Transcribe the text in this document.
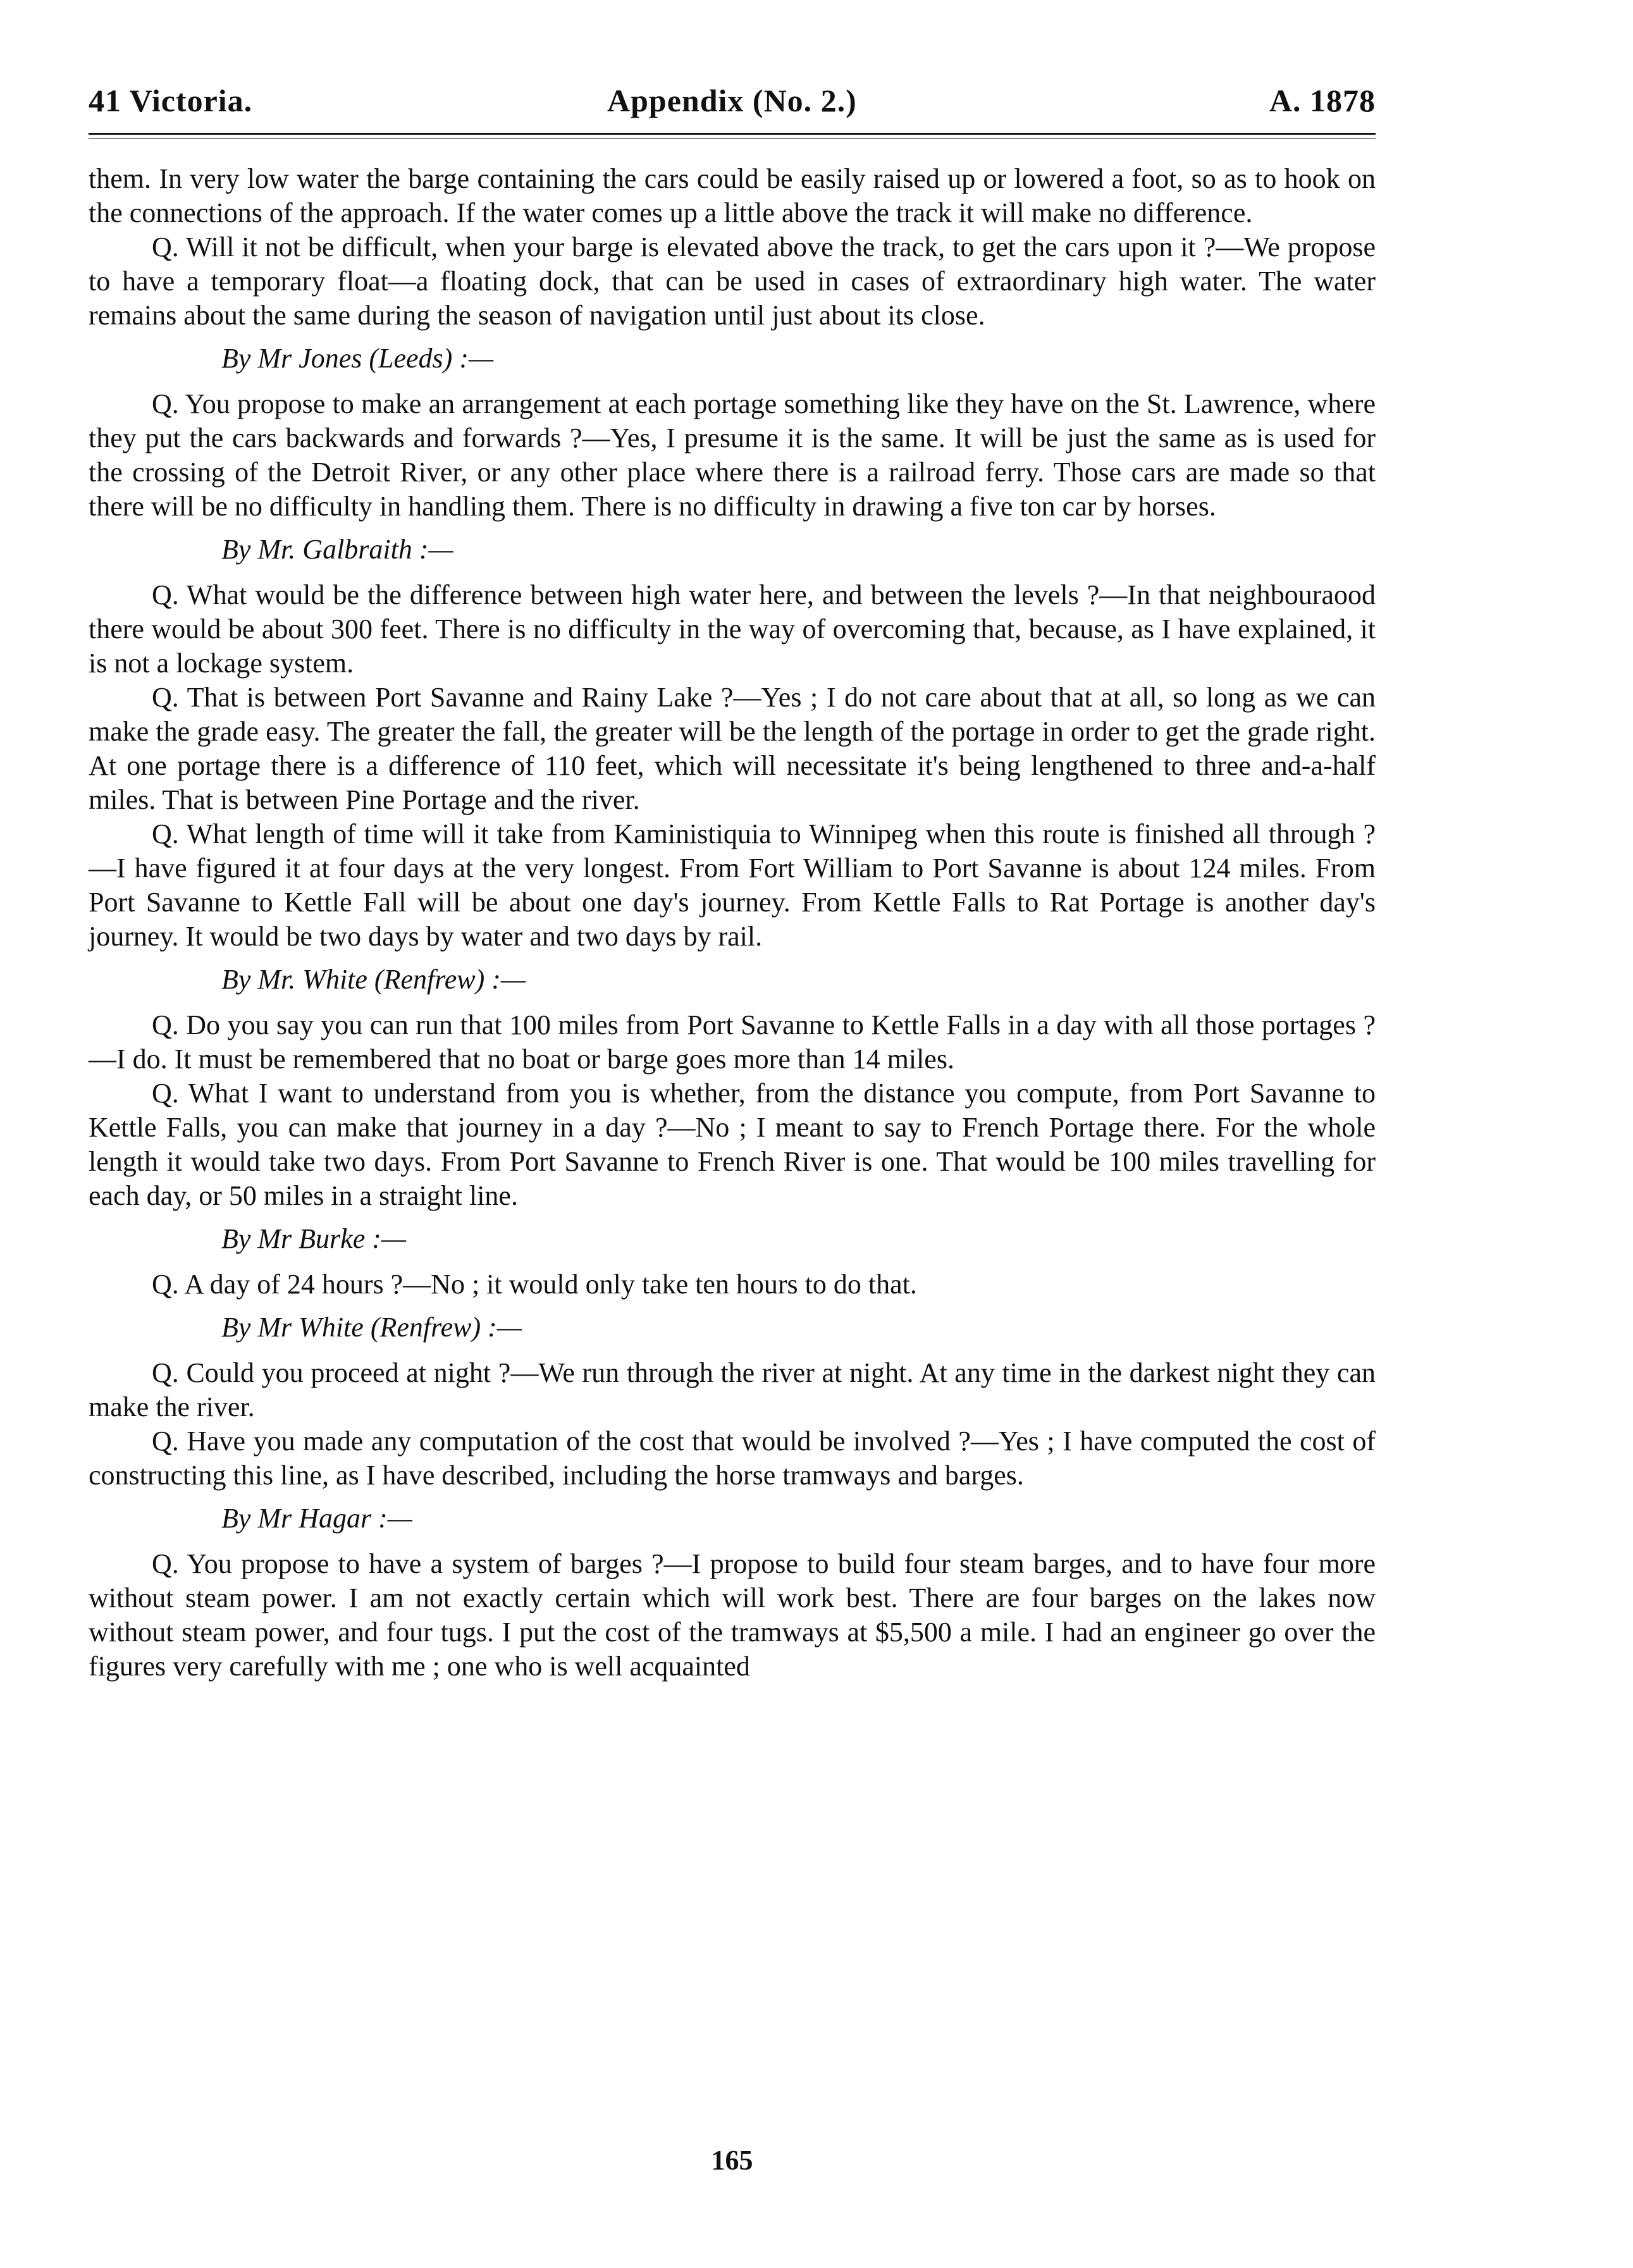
41 Victoria.	Appendix (No. 2.)	A. 1878

them. In very low water the barge containing the cars could be easily raised up or lowered a foot, so as to hook on the connections of the approach. If the water comes up a little above the track it will make no difference.

Q. Will it not be difficult, when your barge is elevated above the track, to get the cars upon it ?—We propose to have a temporary float—a floating dock, that can be used in cases of extraordinary high water. The water remains about the same during the season of navigation until just about its close.

By Mr Jones (Leeds) :—

Q. You propose to make an arrangement at each portage something like they have on the St. Lawrence, where they put the cars backwards and forwards ?—Yes, I presume it is the same. It will be just the same as is used for the crossing of the Detroit River, or any other place where there is a railroad ferry. Those cars are made so that there will be no difficulty in handling them. There is no difficulty in drawing a five ton car by horses.

By Mr. Galbraith :—

Q. What would be the difference between high water here, and between the levels ?—In that neighbouraood there would be about 300 feet. There is no difficulty in the way of overcoming that, because, as I have explained, it is not a lockage system.

Q. That is between Port Savanne and Rainy Lake ?—Yes ; I do not care about that at all, so long as we can make the grade easy. The greater the fall, the greater will be the length of the portage in order to get the grade right. At one portage there is a difference of 110 feet, which will necessitate it's being lengthened to three and-a-half miles. That is between Pine Portage and the river.

Q. What length of time will it take from Kaministiquia to Winnipeg when this route is finished all through ?—I have figured it at four days at the very longest. From Fort William to Port Savanne is about 124 miles. From Port Savanne to Kettle Fall will be about one day's journey. From Kettle Falls to Rat Portage is another day's journey. It would be two days by water and two days by rail.

By Mr. White (Renfrew) :—

Q. Do you say you can run that 100 miles from Port Savanne to Kettle Falls in a day with all those portages ?—I do. It must be remembered that no boat or barge goes more than 14 miles.

Q. What I want to understand from you is whether, from the distance you compute, from Port Savanne to Kettle Falls, you can make that journey in a day ?—No ; I meant to say to French Portage there. For the whole length it would take two days. From Port Savanne to French River is one. That would be 100 miles travelling for each day, or 50 miles in a straight line.

By Mr Burke :—

Q. A day of 24 hours ?—No ; it would only take ten hours to do that.

By Mr White (Renfrew) :—

Q. Could you proceed at night ?—We run through the river at night. At any time in the darkest night they can make the river.

Q. Have you made any computation of the cost that would be involved ?—Yes ; I have computed the cost of constructing this line, as I have described, including the horse tramways and barges.

By Mr Hagar :—

Q. You propose to have a system of barges ?—I propose to build four steam barges, and to have four more without steam power. I am not exactly certain which will work best. There are four barges on the lakes now without steam power, and four tugs. I put the cost of the tramways at $5,500 a mile. I had an engineer go over the figures very carefully with me ; one who is well acquainted

165
